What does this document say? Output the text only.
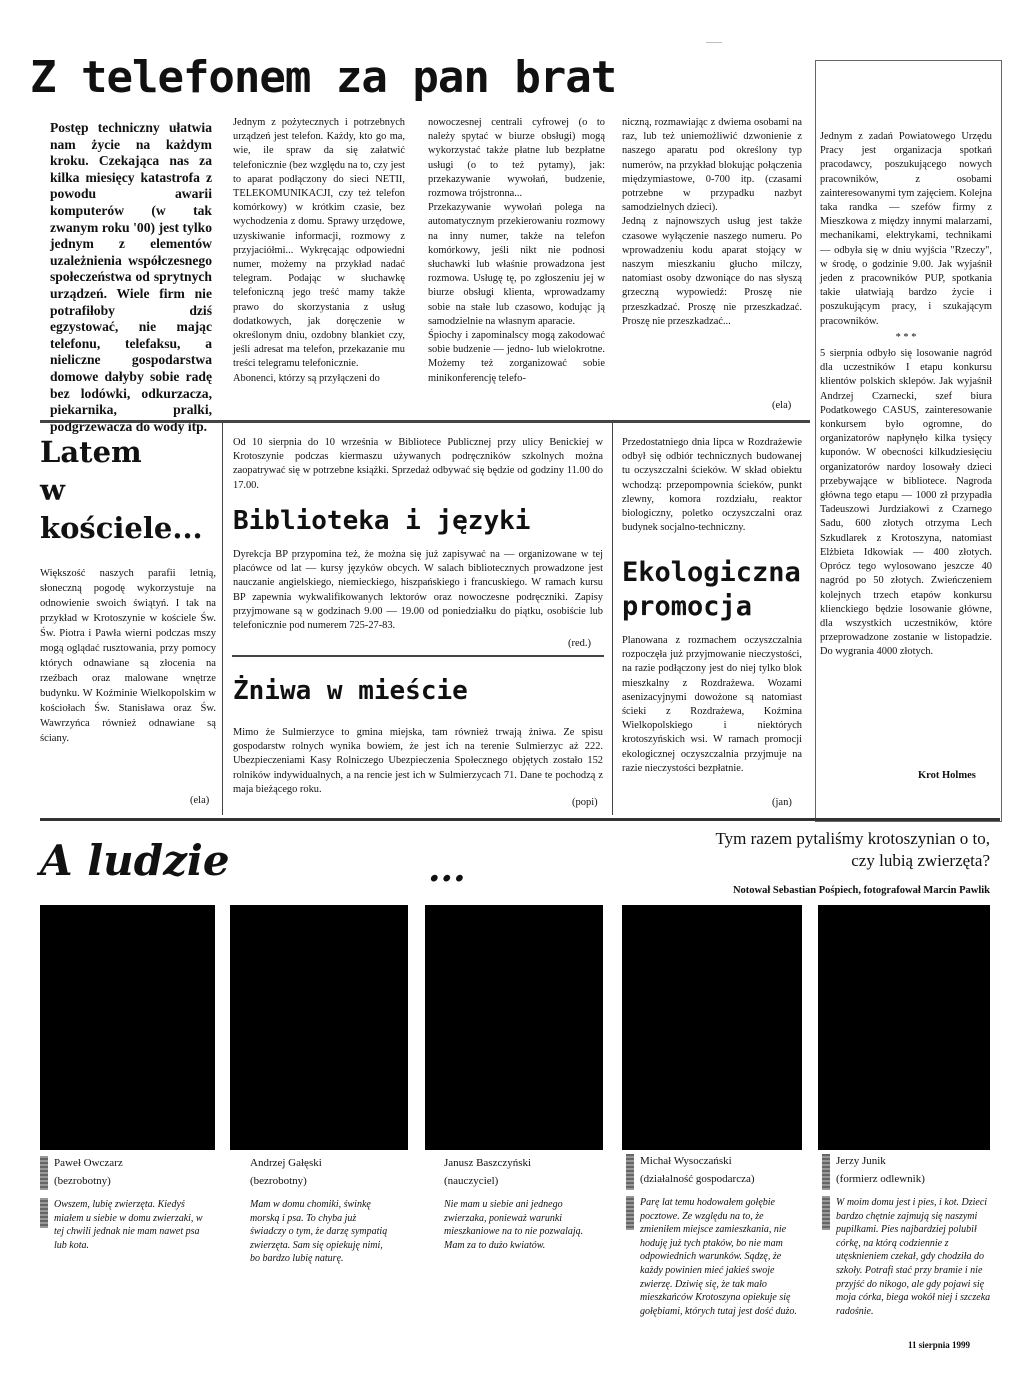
........
Z telefonem za pan brat
Postęp techniczny ułatwia nam życie na każdym kroku. Czekająca nas za kilka miesięcy katastrofa z powodu awarii komputerów (w tak zwanym roku '00) jest tylko jednym z elementów uzależnienia współczesnego społeczeństwa od sprytnych urządzeń. Wiele firm nie potrafiłoby dziś egzystować, nie mając telefonu, telefaksu, a nieliczne gospodarstwa domowe dałyby sobie radę bez lodówki, odkurzacza, piekarnika, pralki, podgrzewacza do wody itp.

Jednym z pożytecznych i potrzebnych urządzeń jest telefon. Każdy, kto go ma, wie, ile spraw da się załatwić telefonicznie (bez względu na to, czy jest to aparat podłączony do sieci NETII, TELEKOMUNIKACJI, czy też telefon komórkowy) w krótkim czasie, bez wychodzenia z domu. Sprawy urzędowe, uzyskiwanie informacji, rozmowy z przyjaciółmi... Wykręcając odpowiedni numer, możemy na przykład nadać telegram. Podając w słuchawkę telefoniczną jego treść mamy także prawo do skorzystania z usług dodatkowych, jak doręczenie w określonym dniu, ozdobny blankiet czy, jeśli adresat ma telefon, przekazanie mu treści telegramu telefonicznie.

Abonenci, którzy są przyłączeni do

nowoczesnej centrali cyfrowej (o to należy spytać w biurze obsługi) mogą wykorzystać także płatne lub bezpłatne usługi (o to też pytamy), jak: przekazywanie wywołań, budzenie, rozmowa trójstronna...

Przekazywanie wywołań polega na automatycznym przekierowaniu rozmowy na inny numer, także na telefon komórkowy, jeśli nikt nie podnosi słuchawki lub właśnie prowadzona jest rozmowa. Usługę tę, po zgłoszeniu jej w biurze obsługi klienta, wprowadzamy sobie na stałe lub czasowo, kodując ją samodzielnie na własnym aparacie.

Śpiochy i zapominalscy mogą zakodować sobie budzenie — jedno- lub wielokrotne. Możemy też zorganizować sobie minikonferencję telefo-

niczną, rozmawiając z dwiema osobami na raz, lub też uniemożliwić dzwonienie z naszego aparatu pod określony typ numerów, na przykład blokując połączenia międzymiastowe, 0-700 itp. (czasami potrzebne w przypadku nazbyt samodzielnych dzieci).

Jedną z najnowszych usług jest także czasowe wyłączenie naszego numeru. Po wprowadzeniu kodu aparat stojący w naszym mieszkaniu głucho milczy, natomiast osoby dzwoniące do nas słyszą grzeczną wypowiedź: Proszę nie przeszkadzać. Proszę nie przeszkadzać. Proszę nie przeszkadzać...

(ela)

Jednym z zadań Powiatowego Urzędu Pracy jest organizacja spotkań pracodawcy, poszukującego nowych pracowników, z osobami zainteresowanymi tym zajęciem. Kolejna taka randka — szefów firmy z Mieszkowa z między innymi malarzami, mechanikami, elektrykami, technikami — odbyła się w dniu wyjścia "Rzeczy", w środę, o godzinie 9.00. Jak wyjaśnił jeden z pracowników PUP, spotkania takie ułatwiają bardzo życie i poszukującym pracy, i szukającym pracowników.

* * *

5 sierpnia odbyło się losowanie nagród dla uczestników I etapu konkursu klientów polskich sklepów. Jak wyjaśnił Andrzej Czarnecki, szef biura Podatkowego CASUS, zainteresowanie konkursem było ogromne, do organizatorów napłynęło kilka tysięcy kuponów. W obecności kilkudziesięciu organizatorów nardoy losowały dzieci przebywające w bibliotece. Nagroda główna tego etapu — 1000 zł przypadła Tadeuszowi Jurdziakowi z Czarnego Sadu, 600 złotych otrzyma Lech Szkudlarek z Krotoszyna, natomiast Elżbieta Idkowiak — 400 złotych. Oprócz tego wylosowano jeszcze 40 nagród po 50 złotych. Zwieńczeniem kolejnych trzech etapów konkursu klienckiego będzie losowanie główne, dla wszystkich uczestników, które przeprowadzone zostanie w listopadzie. Do wygrania 4000 złotych.

Krot Holmes
Latem
w
kościele...
Większość naszych parafii letnią, słoneczną pogodę wykorzystuje na odnowienie swoich świątyń. I tak na przykład w Krotoszynie w kościele Św. Św. Piotra i Pawła wierni podczas mszy mogą oglądać rusztowania, przy pomocy których odnawiane są złocenia na rzeźbach oraz malowane wnętrze budynku. W Koźminie Wielkopolskim w kościołach Św. Stanisława oraz Św. Wawrzyńca również odnawiane są ściany.
(ela)
Od 10 sierpnia do 10 września w Bibliotece Publicznej przy ulicy Benickiej w Krotoszynie podczas kiermaszu używanych podręczników szkolnych można zaopatrywać się w potrzebne książki. Sprzedaż odbywać się będzie od godziny 11.00 do 17.00.
Biblioteka i języki
Dyrekcja BP przypomina też, że można się już zapisywać na — organizowane w tej placówce od lat — kursy języków obcych. W salach bibliotecznych prowadzone jest nauczanie angielskiego, niemieckiego, hiszpańskiego i francuskiego. W ramach kursu BP zapewnia wykwalifikowanych lektorów oraz nowoczesne podręczniki. Zapisy przyjmowane są w godzinach 9.00 — 19.00 od poniedziałku do piątku, osobiście lub telefonicznie pod numerem 725-27-83.
(red.)
Żniwa w mieście
Mimo że Sulmierzyce to gmina miejska, tam również trwają żniwa. Ze spisu gospodarstw rolnych wynika bowiem, że jest ich na terenie Sulmierzyc aż 222. Ubezpieczeniami Kasy Rolniczego Ubezpieczenia Społecznego objętych zostało 152 rolników indywidualnych, a na rencie jest ich w Sulmierzycach 71. Dane te pochodzą z maja bieżącego roku.
(popi)
Przedostatniego dnia lipca w Rozdrażewie odbył się odbiór technicznych budowanej tu oczyszczalni ścieków. W skład obiektu wchodzą: przepompownia ścieków, punkt zlewny, komora rozdziału, reaktor biologiczny, poletko oczyszczalni oraz budynek socjalno-techniczny.
Ekologiczna
promocja
Planowana z rozmachem oczyszczalnia rozpoczęła już przyjmowanie nieczystości, na razie podłączony jest do niej tylko blok mieszkalny z Rozdrażewa. Wozami asenizacyjnymi dowożone są natomiast ścieki z Rozdrażewa, Koźmina Wielkopolskiego i niektórych krotoszyńskich wsi. W ramach promocji ekologicznej oczyszczalnia przyjmuje na razie nieczystości bezpłatnie.
(jan)
A ludzie	...
Tym razem pytaliśmy krotoszynian o to,
czy lubią zwierzęta?
Notował Sebastian Pośpiech, fotografował Marcin Pawlik
Paweł Owczarz
(bezrobotny)
Owszem, lubię zwierzęta. Kiedyś miałem u siebie w domu zwierzaki, w tej chwili jednak nie mam nawet psa lub kota.
Andrzej Gałęski
(bezrobotny)
Mam w domu chomiki, świnkę morską i psa. To chyba już świadczy o tym, że darzę sympatią zwierzęta. Sam się opiekuję nimi, bo bardzo lubię naturę.
Janusz Baszczyński
(nauczyciel)
Nie mam u siebie ani jednego zwierzaka, ponieważ warunki mieszkaniowe na to nie pozwalają. Mam za to dużo kwiatów.
Michał Wysoczański
(działalność gospodarcza)
Parę lat temu hodowałem gołębie pocztowe. Ze względu na to, że zmieniłem miejsce zamieszkania, nie hoduję już tych ptaków, bo nie mam odpowiednich warunków. Sądzę, że każdy powinien mieć jakieś swoje zwierzę. Dziwię się, że tak mało mieszkańców Krotoszyna opiekuje się gołębiami, których tutaj jest dość dużo.
Jerzy Junik
(formierz odlewnik)
W moim domu jest i pies, i kot. Dzieci bardzo chętnie zajmują się naszymi pupilkami. Pies najbardziej polubił córkę, na którą codziennie z utęsknieniem czekał, gdy chodziła do szkoły. Potrafi stać przy bramie i nie przyjść do nikogo, ale gdy pojawi się moja córka, biega wokół niej i szczeka radośnie.
11 sierpnia 1999
